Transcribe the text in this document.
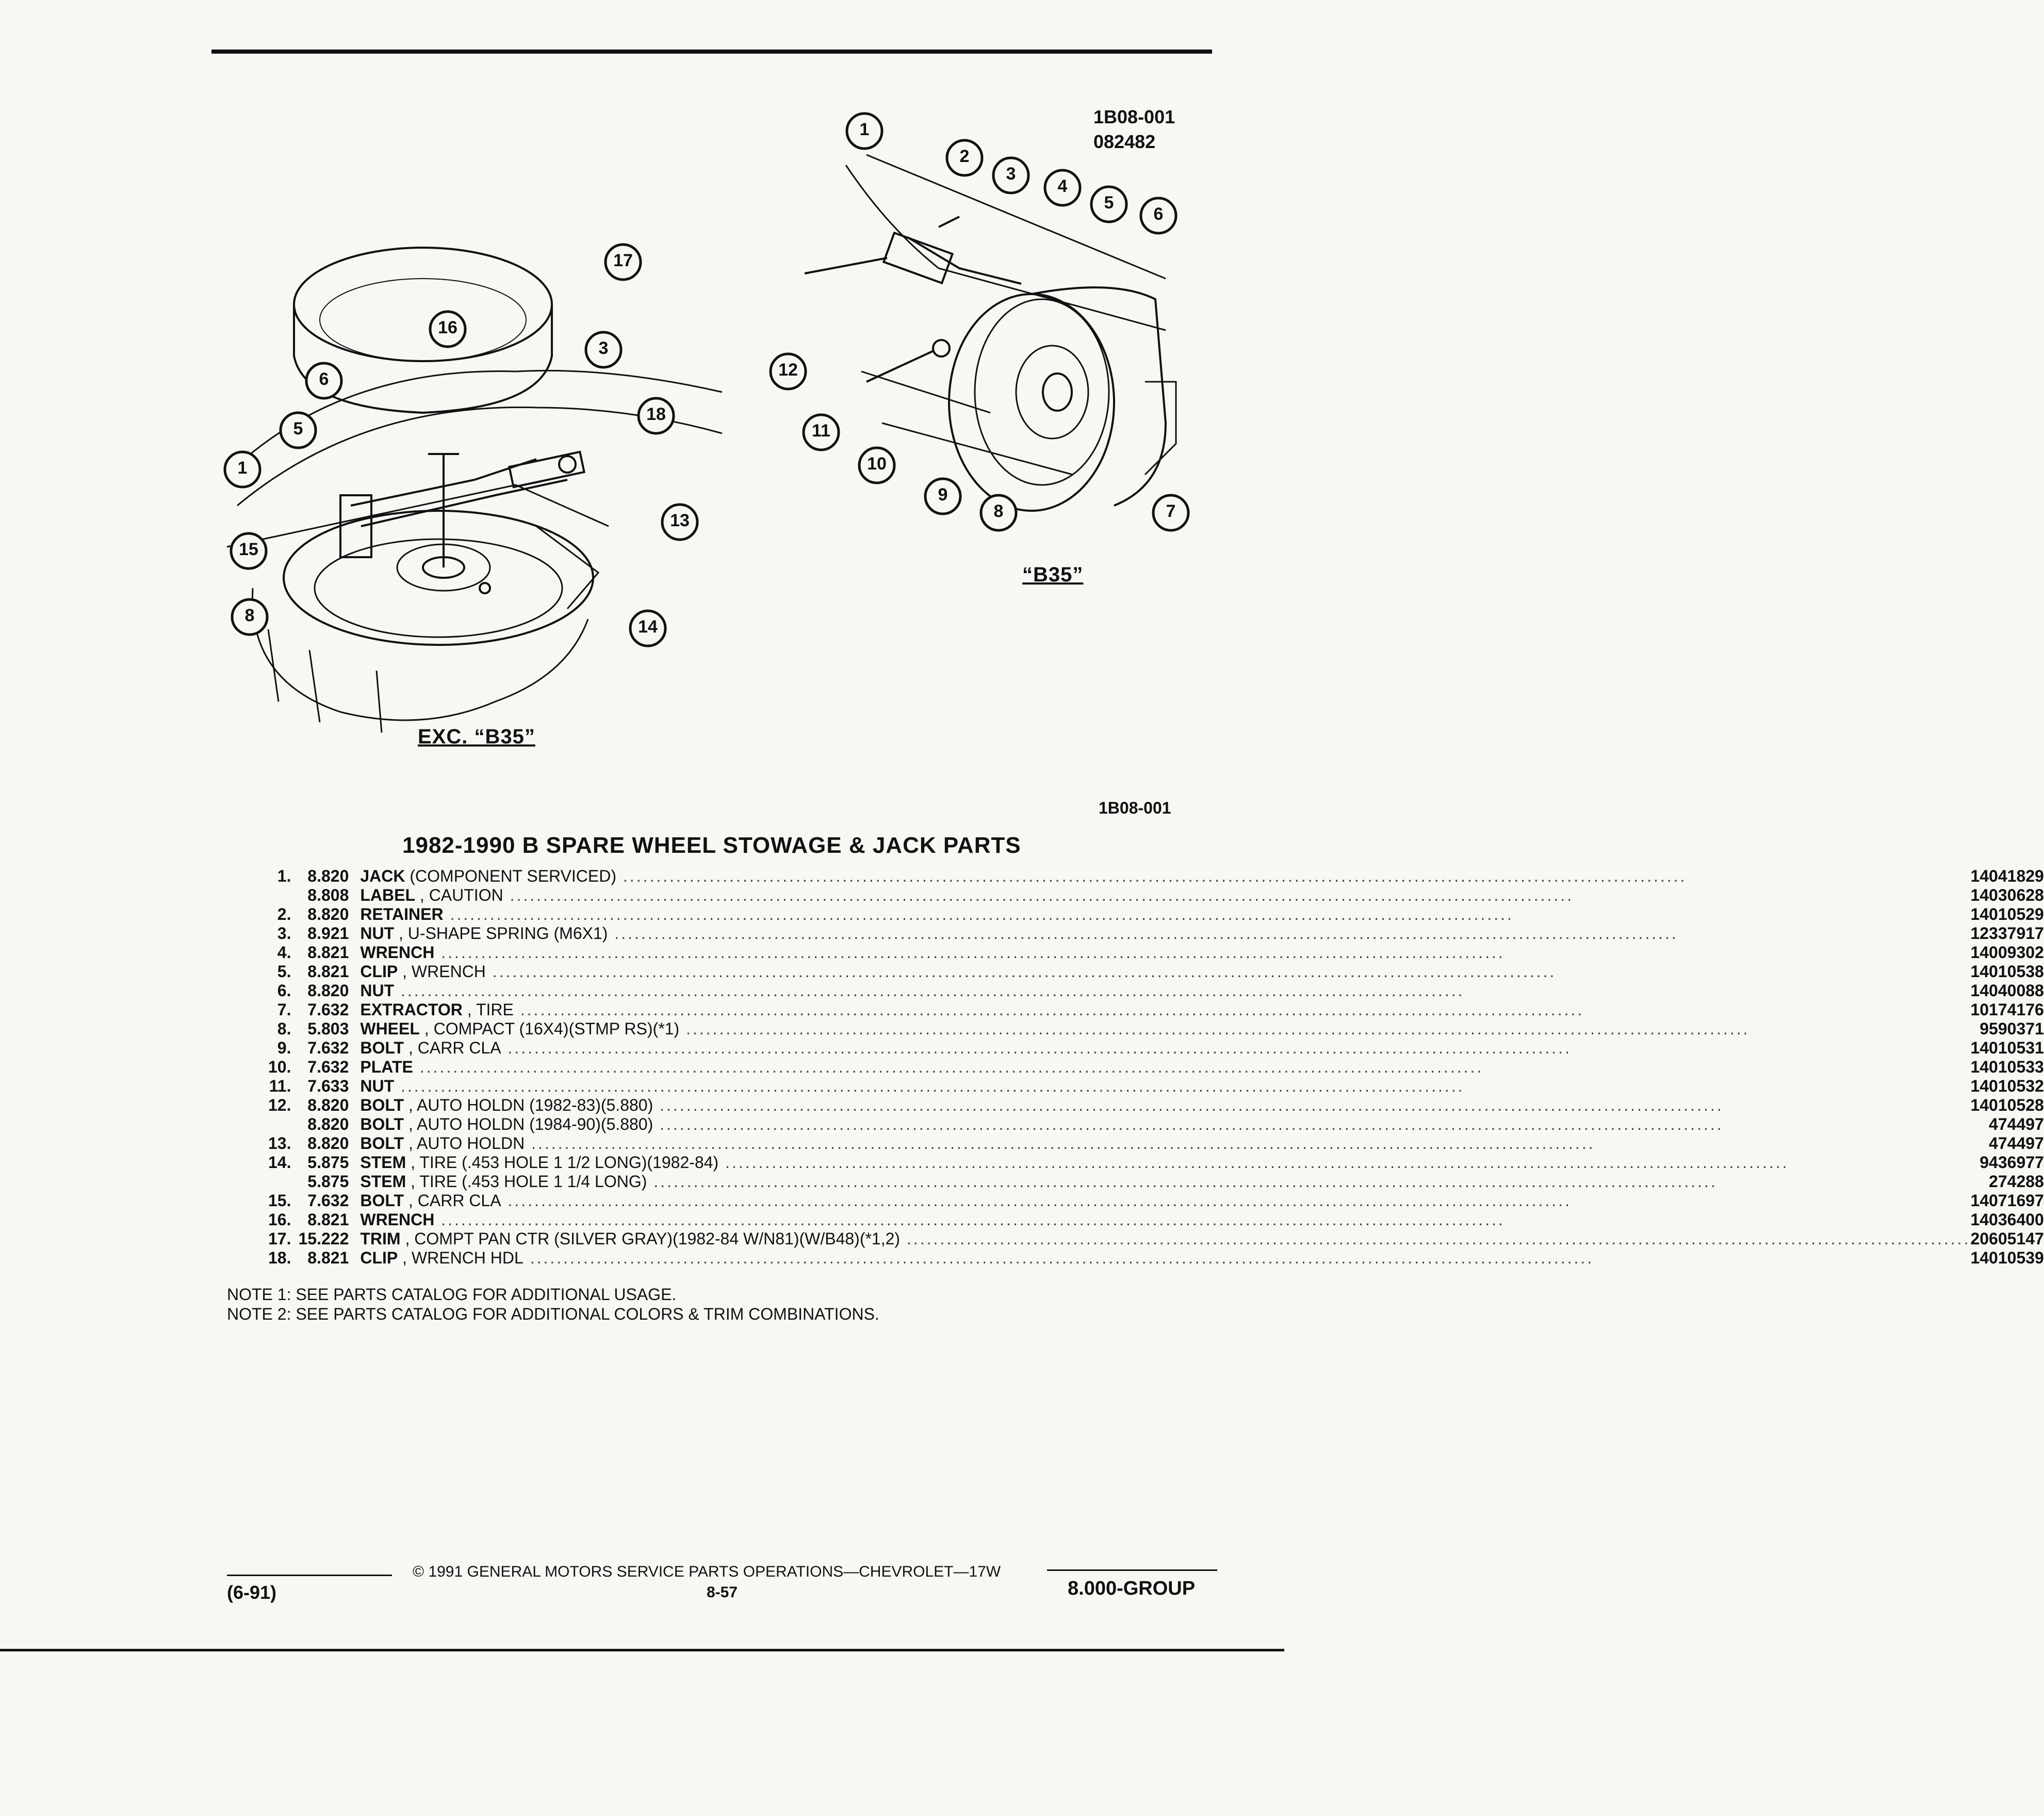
1B08-001
082482
17
16
6
3
5
18
1
13
15
8
14
EXC. “B35”
1
2
3
4
5
6
12
11
10
9
8	7
“B35”
1B08-001
1982-1990 B SPARE WHEEL STOWAGE & JACK PARTS
1.	8.820	JACK (COMPONENT SERVICED) ................................................................................................................................................................	14041829
	8.808	LABEL , CAUTION ................................................................................................................................................................	14030628
2.	8.820	RETAINER ................................................................................................................................................................	14010529
3.	8.921	NUT , U-SHAPE SPRING (M6X1) ................................................................................................................................................................	12337917
4.	8.821	WRENCH ................................................................................................................................................................	14009302
5.	8.821	CLIP , WRENCH ................................................................................................................................................................	14010538
6.	8.820	NUT ................................................................................................................................................................	14040088
7.	7.632	EXTRACTOR , TIRE ................................................................................................................................................................	10174176
8.	5.803	WHEEL , COMPACT (16X4)(STMP RS)(*1) ................................................................................................................................................................	9590371
9.	7.632	BOLT , CARR CLA ................................................................................................................................................................	14010531
10.	7.632	PLATE ................................................................................................................................................................	14010533
11.	7.633	NUT ................................................................................................................................................................	14010532
12.	8.820	BOLT , AUTO HOLDN (1982-83)(5.880) ................................................................................................................................................................	14010528
	8.820	BOLT , AUTO HOLDN (1984-90)(5.880) ................................................................................................................................................................	474497
13.	8.820	BOLT , AUTO HOLDN ................................................................................................................................................................	474497
14.	5.875	STEM , TIRE (.453 HOLE 1 1/2 LONG)(1982-84) ................................................................................................................................................................	9436977
	5.875	STEM , TIRE (.453 HOLE 1 1/4 LONG) ................................................................................................................................................................	274288
15.	7.632	BOLT , CARR CLA ................................................................................................................................................................	14071697
16.	8.821	WRENCH ................................................................................................................................................................	14036400
17.	15.222	TRIM , COMPT PAN CTR (SILVER GRAY)(1982-84 W/N81)(W/B48)(*1,2) ................................................................................................................................................................	20605147
18.	8.821	CLIP , WRENCH HDL ................................................................................................................................................................	14010539
NOTE 1: SEE PARTS CATALOG FOR ADDITIONAL USAGE.
NOTE 2: SEE PARTS CATALOG FOR ADDITIONAL COLORS & TRIM COMBINATIONS.
© 1991 GENERAL MOTORS SERVICE PARTS OPERATIONS—CHEVROLET—17W
(6-91)	8-57	8.000-GROUP
